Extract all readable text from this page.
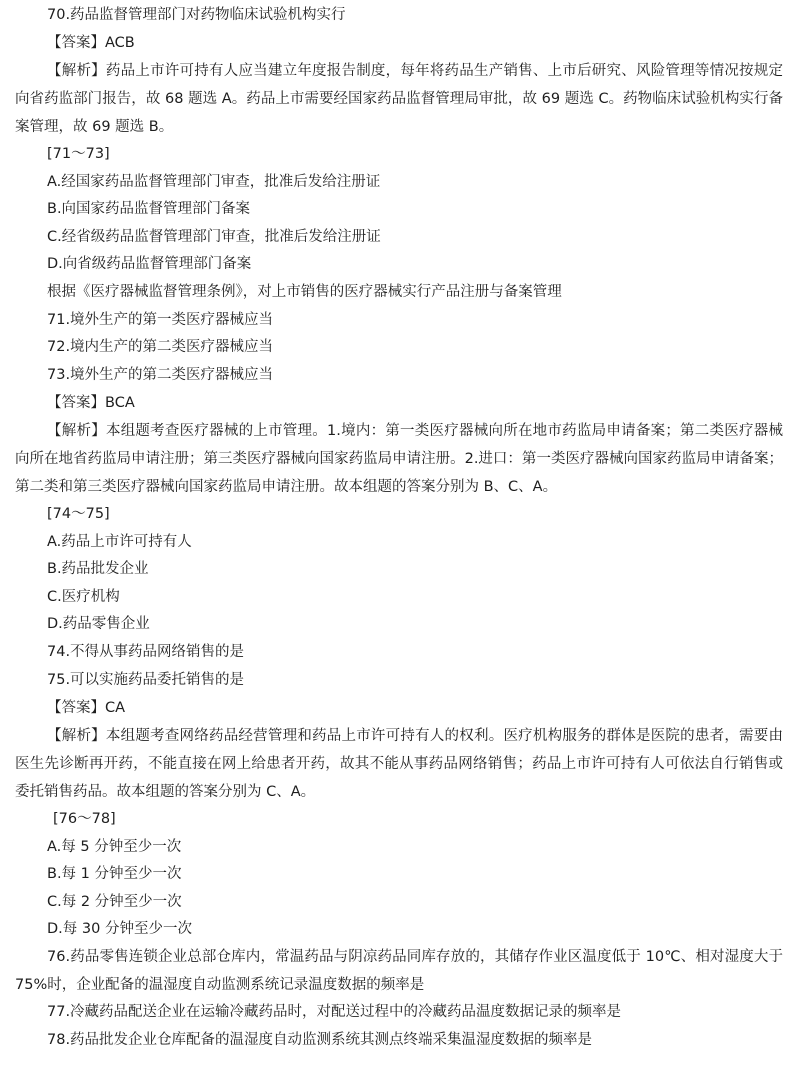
70.药品监督管理部门对药物临床试验机构实行
【答案】ACB
【解析】药品上市许可持有人应当建立年度报告制度，每年将药品生产销售、上市后研究、风险管理等情况按规定向省药监部门报告，故 68 题选 A。药品上市需要经国家药品监督管理局审批，故 69 题选 C。药物临床试验机构实行备案管理，故 69 题选 B。
[71～73]
A.经国家药品监督管理部门审查，批准后发给注册证
B.向国家药品监督管理部门备案
C.经省级药品监督管理部门审查，批准后发给注册证
D.向省级药品监督管理部门备案
根据《医疗器械监督管理条例》，对上市销售的医疗器械实行产品注册与备案管理
71.境外生产的第一类医疗器械应当
72.境内生产的第二类医疗器械应当
73.境外生产的第二类医疗器械应当
【答案】BCA
【解析】本组题考查医疗器械的上市管理。1.境内：第一类医疗器械向所在地市药监局申请备案；第二类医疗器械向所在地省药监局申请注册；第三类医疗器械向国家药监局申请注册。2.进口：第一类医疗器械向国家药监局申请备案；第二类和第三类医疗器械向国家药监局申请注册。故本组题的答案分别为 B、C、A。
[74～75]
A.药品上市许可持有人
B.药品批发企业
C.医疗机构
D.药品零售企业
74.不得从事药品网络销售的是
75.可以实施药品委托销售的是
【答案】CA
【解析】本组题考查网络药品经营管理和药品上市许可持有人的权利。医疗机构服务的群体是医院的患者，需要由医生先诊断再开药，不能直接在网上给患者开药，故其不能从事药品网络销售；药品上市许可持有人可依法自行销售或委托销售药品。故本组题的答案分别为 C、A。
[76～78]
A.每 5 分钟至少一次
B.每 1 分钟至少一次
C.每 2 分钟至少一次
D.每 30 分钟至少一次
76.药品零售连锁企业总部仓库内，常温药品与阴凉药品同库存放的，其储存作业区温度低于 10℃、相对湿度大于 75%时，企业配备的温湿度自动监测系统记录温度数据的频率是
77.冷藏药品配送企业在运输冷藏药品时，对配送过程中的冷藏药品温度数据记录的频率是
78.药品批发企业仓库配备的温湿度自动监测系统其测点终端采集温湿度数据的频率是
